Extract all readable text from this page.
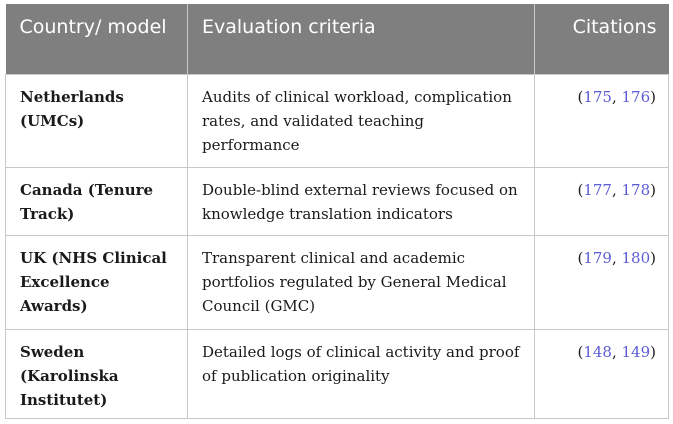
Country/ model	Evaluation criteria	Citations
Netherlands (UMCs)	Audits of clinical workload, complication rates, and validated teaching performance	(175, 176)
Canada (Tenure Track)	Double-blind external reviews focused on knowledge translation indicators	(177, 178)
UK (NHS Clinical Excellence Awards)	Transparent clinical and academic portfolios regulated by General Medical Council (GMC)	(179, 180)
Sweden (Karolinska Institutet)	Detailed logs of clinical activity and proof of publication originality	(148, 149)
